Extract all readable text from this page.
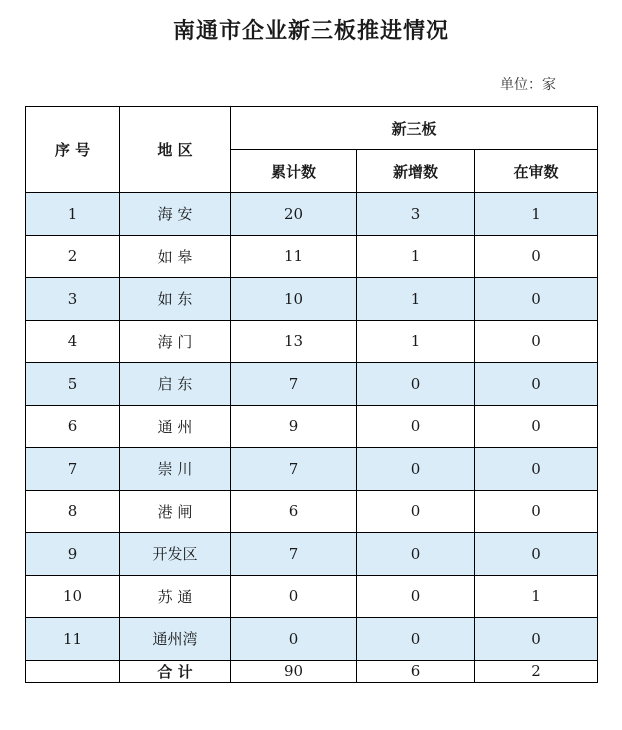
南通市企业新三板推进情况
单位：家
序 号	地 区	新三板		
		累计数	新增数	在审数
1	海 安	20	3	1
2	如 皋	11	1	0
3	如 东	10	1	0
4	海 门	13	1	0
5	启 东	7	0	0
6	通 州	9	0	0
7	崇 川	7	0	0
8	港 闸	6	0	0
9	开发区	7	0	0
10	苏 通	0	0	1
11	通州湾	0	0	0
	合 计	90	6	2
